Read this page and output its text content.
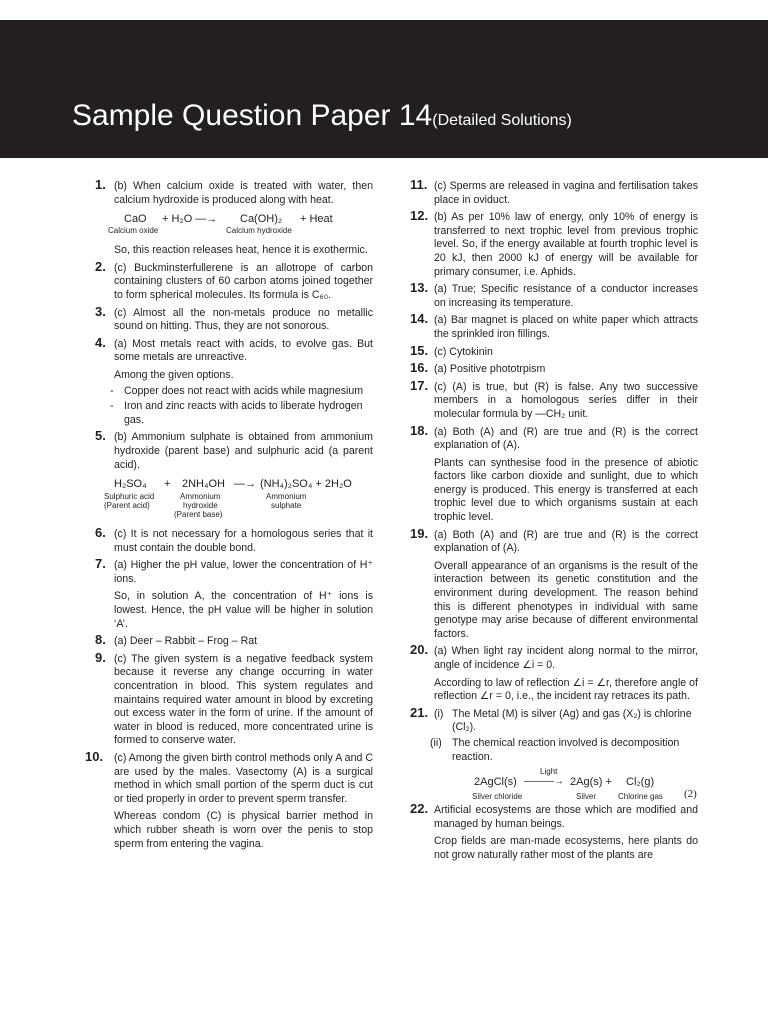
Sample Question Paper 14(Detailed Solutions)
1. (b) When calcium oxide is treated with water, then calcium hydroxide is produced along with heat.

CaO + H₂O —→ Ca(OH)₂ + Heat
Calcium oxide	Calcium hydroxide

So, this reaction releases heat, hence it is exothermic.

2. (c) Buckminsterfullerene is an allotrope of carbon containing clusters of 60 carbon atoms joined together to form spherical molecules. Its formula is C₆₀.

3. (c) Almost all the non-metals produce no metallic sound on hitting. Thus, they are not sonorous.

4. (a) Most metals react with acids, to evolve gas. But some metals are unreactive.

Among the given options.

- Copper does not react with acids while magnesium
- Iron and zinc reacts with acids to liberate hydrogen gas.
5. (b) Ammonium sulphate is obtained from ammonium hydroxide (parent base) and sulphuric acid (a parent acid).

H₂SO₄ + 2NH₄OH —→ (NH₄)₂SO₄ + 2H₂O
Sulphuric acid
(Parent acid)
Ammonium
hydroxide
(Parent base)
Ammonium
sulphate
6. (c) It is not necessary for a homologous series that it must contain the double bond.

7. (a) Higher the pH value, lower the concentration of H⁺ ions.

So, in solution A, the concentration of H⁺ ions is lowest. Hence, the pH value will be higher in solution ‘A’.

8. (a) Deer – Rabbit – Frog – Rat

9. (c) The given system is a negative feedback system because it reverse any change occurring in water concentration in blood. This system regulates and maintains required water amount in blood by excreting out excess water in the form of urine. If the amount of water in blood is reduced, more concentrated urine is formed to conserve water.

10. (c) Among the given birth control methods only A and C are used by the males. Vasectomy (A) is a surgical method in which small portion of the sperm duct is cut or tied properly in order to prevent sperm transfer.

Whereas condom (C) is physical barrier method in which rubber sheath is worn over the penis to stop sperm from entering the vagina.

11. (c) Sperms are released in vagina and fertilisation takes place in oviduct.

12. (b) As per 10% law of energy, only 10% of energy is transferred to next trophic level from previous trophic level. So, if the energy available at fourth trophic level is 20 kJ, then 2000 kJ of energy will be available for primary consumer, i.e. Aphids.

13. (a) True; Specific resistance of a conductor increases on increasing its temperature.

14. (a) Bar magnet is placed on white paper which attracts the sprinkled iron fillings.

15. (c) Cytokinin

16. (a) Positive phototrpism

17. (c) (A) is true, but (R) is false. Any two successive members in a homologous series differ in their molecular formula by —CH₂ unit.

18. (a) Both (A) and (R) are true and (R) is the correct explanation of (A).

Plants can synthesise food in the presence of abiotic factors like carbon dioxide and sunlight, due to which energy is produced. This energy is transferred at each trophic level due to which organisms sustain at each trophic level.

19. (a) Both (A) and (R) are true and (R) is the correct explanation of (A).

Overall appearance of an organisms is the result of the interaction between its genetic constitution and the environment during development. The reason behind this is different phenotypes in individual with same genotype may arise because of different environmental factors.

20. (a) When light ray incident along normal to the mirror, angle of incidence ∠i = 0.

According to law of reflection ∠i = ∠r, therefore angle of reflection ∠r = 0, i.e., the incident ray retraces its path.

21. (i) The Metal (M) is silver (Ag) and gas (X₂) is chlorine (Cl₂).
(ii) The chemical reaction involved is decomposition reaction.
2AgCl(s)
Light
———→ 2Ag(s) + Cl₂(g)
Silver chloride	Silver	Chlorine gas (2)
22. Artificial ecosystems are those which are modified and managed by human beings.

Crop fields are man-made ecosystems, here plants do not grow naturally rather most of the plants are
